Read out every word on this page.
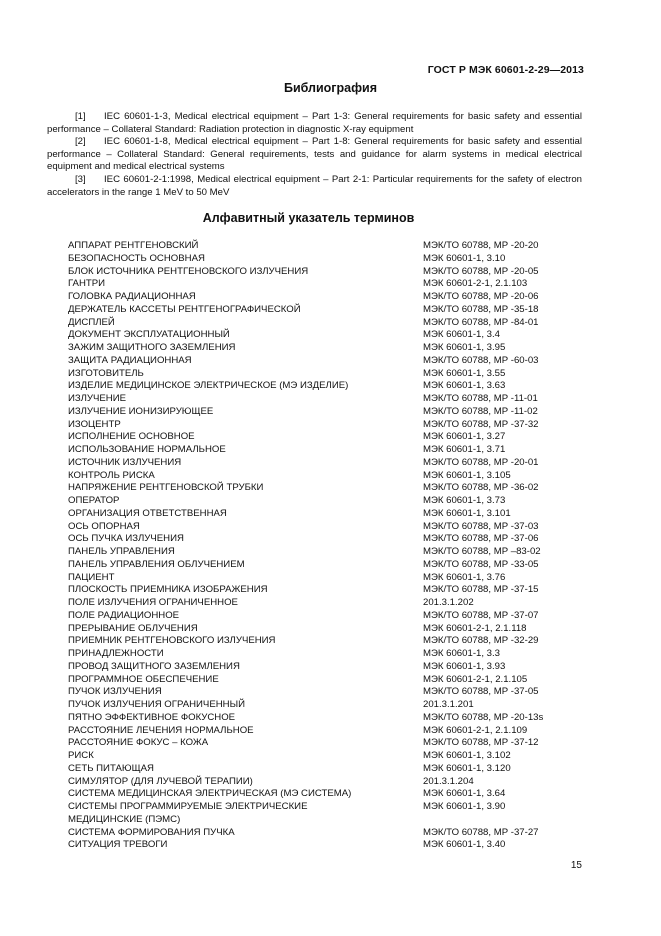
ГОСТ Р МЭК 60601-2-29—2013
Библиография

[1] IEC 60601-1-3, Medical electrical equipment – Part 1-3: General requirements for basic safety and essential performance – Collateral Standard: Radiation protection in diagnostic X-ray equipment

[2] IEC 60601-1-8, Medical electrical equipment – Part 1-8: General requirements for basic safety and essential performance – Collateral Standard: General requirements, tests and guidance for alarm systems in medical electrical equipment and medical electrical systems

[3] IEC 60601-2-1:1998, Medical electrical equipment – Part 2-1: Particular requirements for the safety of electron accelerators in the range 1 MeV to 50 MeV

Алфавитный указатель терминов
АППАРАТ РЕНТГЕНОВСКИЙ	МЭК/ТО 60788, МР -20-20
БЕЗОПАСНОСТЬ ОСНОВНАЯ	МЭК 60601-1, 3.10
БЛОК ИСТОЧНИКА РЕНТГЕНОВСКОГО ИЗЛУЧЕНИЯ	МЭК/ТО 60788, МР -20-05
ГАНТРИ	МЭК 60601-2-1, 2.1.103
ГОЛОВКА РАДИАЦИОННАЯ	МЭК/ТО 60788, МР -20-06
ДЕРЖАТЕЛЬ КАССЕТЫ РЕНТГЕНОГРАФИЧЕСКОЙ	МЭК/ТО 60788, МР -35-18
ДИСПЛЕЙ	МЭК/ТО 60788, МР -84-01
ДОКУМЕНТ ЭКСПЛУАТАЦИОННЫЙ	МЭК 60601-1, 3.4
ЗАЖИМ ЗАЩИТНОГО ЗАЗЕМЛЕНИЯ	МЭК 60601-1, 3.95
ЗАЩИТА РАДИАЦИОННАЯ	МЭК/ТО 60788, МР -60-03
ИЗГОТОВИТЕЛЬ	МЭК 60601-1, 3.55
ИЗДЕЛИЕ МЕДИЦИНСКОЕ ЭЛЕКТРИЧЕСКОЕ (МЭ ИЗДЕЛИЕ)	МЭК 60601-1, 3.63
ИЗЛУЧЕНИЕ	МЭК/ТО 60788, МР -11-01
ИЗЛУЧЕНИЕ ИОНИЗИРУЮЩЕЕ	МЭК/ТО 60788, МР -11-02
ИЗОЦЕНТР	МЭК/ТО 60788, МР -37-32
ИСПОЛНЕНИЕ ОСНОВНОЕ	МЭК 60601-1, 3.27
ИСПОЛЬЗОВАНИЕ НОРМАЛЬНОЕ	МЭК 60601-1, 3.71
ИСТОЧНИК ИЗЛУЧЕНИЯ	МЭК/ТО 60788, МР -20-01
КОНТРОЛЬ РИСКА	МЭК 60601-1, 3.105
НАПРЯЖЕНИЕ РЕНТГЕНОВСКОЙ ТРУБКИ	МЭК/ТО 60788, МР -36-02
ОПЕРАТОР	МЭК 60601-1, 3.73
ОРГАНИЗАЦИЯ ОТВЕТСТВЕННАЯ	МЭК 60601-1, 3.101
ОСЬ ОПОРНАЯ	МЭК/ТО 60788, МР -37-03
ОСЬ ПУЧКА ИЗЛУЧЕНИЯ	МЭК/ТО 60788, МР -37-06
ПАНЕЛЬ УПРАВЛЕНИЯ	МЭК/ТО 60788, МР –83-02
ПАНЕЛЬ УПРАВЛЕНИЯ ОБЛУЧЕНИЕМ	МЭК/ТО 60788, МР -33-05
ПАЦИЕНТ	МЭК 60601-1, 3.76
ПЛОСКОСТЬ ПРИЕМНИКА ИЗОБРАЖЕНИЯ	МЭК/ТО 60788, МР -37-15
ПОЛЕ ИЗЛУЧЕНИЯ ОГРАНИЧЕННОЕ	201.3.1.202
ПОЛЕ РАДИАЦИОННОЕ	МЭК/ТО 60788, МР -37-07
ПРЕРЫВАНИЕ ОБЛУЧЕНИЯ	МЭК 60601-2-1, 2.1.118
ПРИЕМНИК РЕНТГЕНОВСКОГО ИЗЛУЧЕНИЯ	МЭК/ТО 60788, МР -32-29
ПРИНАДЛЕЖНОСТИ	МЭК 60601-1, 3.3
ПРОВОД ЗАЩИТНОГО ЗАЗЕМЛЕНИЯ	МЭК 60601-1, 3.93
ПРОГРАММНОЕ ОБЕСПЕЧЕНИЕ	МЭК 60601-2-1, 2.1.105
ПУЧОК ИЗЛУЧЕНИЯ	МЭК/ТО 60788, МР -37-05
ПУЧОК ИЗЛУЧЕНИЯ ОГРАНИЧЕННЫЙ	201.3.1.201
ПЯТНО ЭФФЕКТИВНОЕ ФОКУСНОЕ	МЭК/ТО 60788, МР -20-13s
РАССТОЯНИЕ ЛЕЧЕНИЯ НОРМАЛЬНОЕ	МЭК 60601-2-1, 2.1.109
РАССТОЯНИЕ ФОКУС – КОЖА	МЭК/ТО 60788, МР -37-12
РИСК	МЭК 60601-1, 3.102
СЕТЬ ПИТАЮЩАЯ	МЭК 60601-1, 3.120
СИМУЛЯТОР (ДЛЯ ЛУЧЕВОЙ ТЕРАПИИ)	201.3.1.204
СИСТЕМА МЕДИЦИНСКАЯ ЭЛЕКТРИЧЕСКАЯ (МЭ СИСТЕМА)	МЭК 60601-1, 3.64
СИСТЕМЫ ПРОГРАММИРУЕМЫЕ ЭЛЕКТРИЧЕСКИЕ	МЭК 60601-1, 3.90
МЕДИЦИНСКИЕ (ПЭМС)
СИСТЕМА ФОРМИРОВАНИЯ ПУЧКА	МЭК/ТО 60788, МР -37-27
СИТУАЦИЯ ТРЕВОГИ	МЭК 60601-1, 3.40
15
